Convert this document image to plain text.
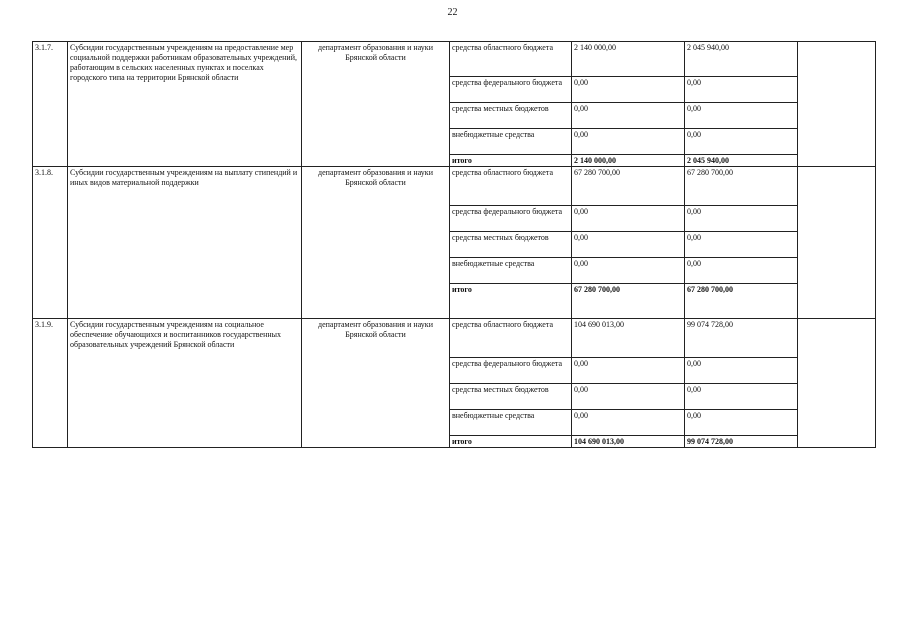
22
3.1.7.	Субсидии государственным учреждениям на предоставление мер социальной поддержки работникам образовательных учреждений, работающим в сельских населенных пунктах и поселках городского типа на территории Брянской области	департамент образования и науки Брянской области	средства областного бюджета	2 140 000,00	2 045 940,00	
			средства федерального бюджета	0,00	0,00	
			средства местных бюджетов	0,00	0,00	
			внебюджетные средства	0,00	0,00	
			итого	2 140 000,00	2 045 940,00	
3.1.8.	Субсидии государственным учреждениям на выплату стипендий и иных видов материальной поддержки	департамент образования и науки Брянской области	средства областного бюджета	67 280 700,00	67 280 700,00	
			средства федерального бюджета	0,00	0,00	
			средства местных бюджетов	0,00	0,00	
			внебюджетные средства	0,00	0,00	
			итого	67 280 700,00	67 280 700,00	
3.1.9.	Субсидии государственным учреждениям на социальное обеспечение обучающихся и воспитанников государственных образовательных учреждений Брянской области	департамент образования и науки Брянской области	средства областного бюджета	104 690 013,00	99 074 728,00	
			средства федерального бюджета	0,00	0,00	
			средства местных бюджетов	0,00	0,00	
			внебюджетные средства	0,00	0,00	
			итого	104 690 013,00	99 074 728,00	
